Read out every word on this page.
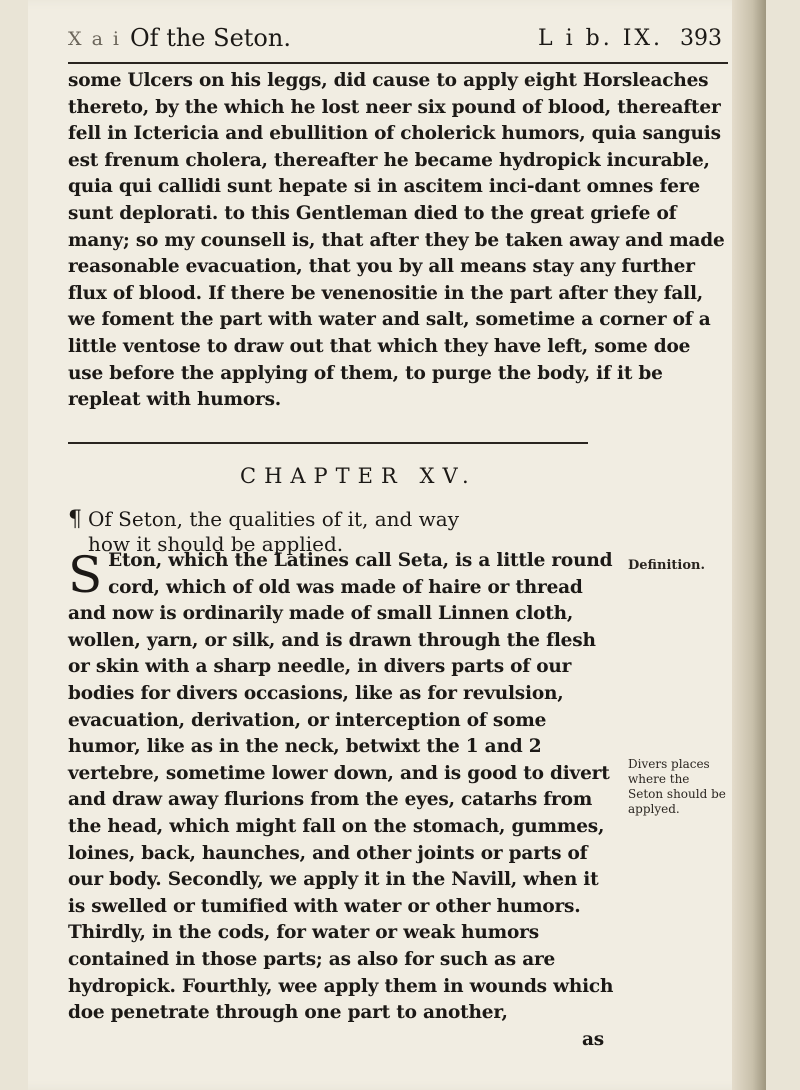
X a i Of the Seton.	L i b. IX. 393
some Ulcers on his leggs, did cause to apply eight Horsleaches thereto, by the which he lost neer six pound of blood, thereafter fell in Ictericia and ebullition of cholerick humors, quia sanguis est frenum cholera, thereafter he became hydropick incurable, quia qui callidi sunt hepate si in ascitem inci-dant omnes fere sunt deplorati. to this Gentleman died to the great griefe of many; so my counsell is, that after they be taken away and made reasonable evacuation, that you by all means stay any further flux of blood. If there be venenositie in the part after they fall, we foment the part with water and salt, sometime a corner of a little ventose to draw out that which they have left, some doe use before the applying of them, to purge the body, if it be repleat with humors.
CHAPTER XV.
¶ Of Seton, the qualities of it, and way
how it should be applied.
S Eton, which the Latines call Seta, is a little round cord, which of old was made of haire or thread and now is ordinarily made of small Linnen cloth, wollen, yarn, or silk, and is drawn through the flesh or skin with a sharp needle, in divers parts of our bodies for divers occasions, like as for revulsion, evacuation, derivation, or interception of some humor, like as in the neck, betwixt the 1 and 2 vertebre, sometime lower down, and is good to divert and draw away flurions from the eyes, catarhs from the head, which might fall on the stomach, gummes, loines, back, haunches, and other joints or parts of our body. Secondly, we apply it in the Navill, when it is swelled or tumified with water or other humors. Thirdly, in the cods, for water or weak humors contained in those parts; as also for such as are hydropick. Fourthly, wee apply them in wounds which doe penetrate through one part to another,
as
Definition.
Divers places where the Seton should be applyed.
